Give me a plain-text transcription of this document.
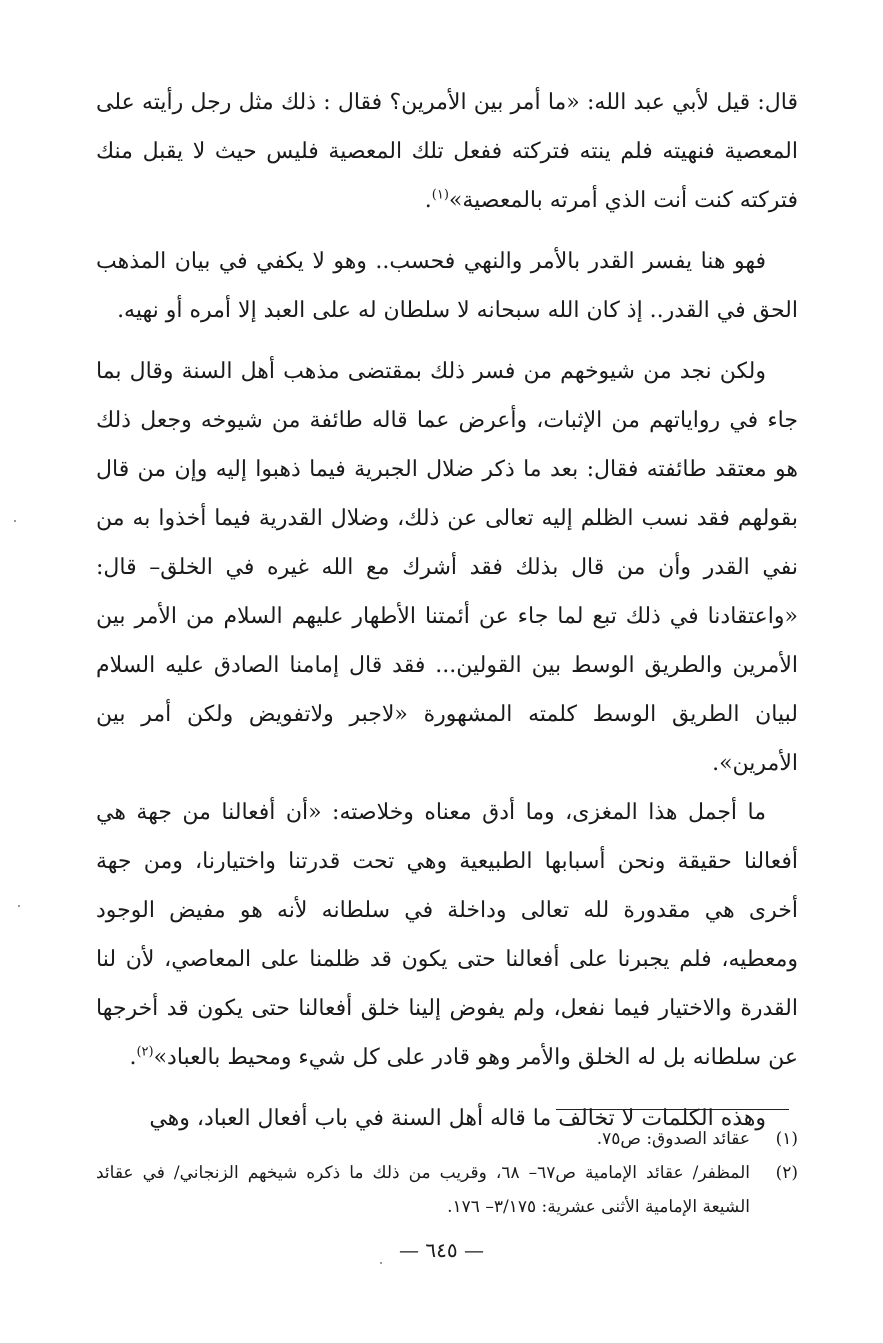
قال: قيل لأبي عبد الله: «ما أمر بين الأمرين؟ فقال : ذلك مثل رجل رأيته على المعصية فنهيته فلم ينته فتركته ففعل تلك المعصية فليس حيث لا يقبل منك فتركته كنت أنت الذي أمرته بالمعصية»$^{(١)}$.

فهو هنا يفسر القدر بالأمر والنهي فحسب.. وهو لا يكفي في بيان المذهب الحق في القدر.. إذ كان الله سبحانه لا سلطان له على العبد إلا أمره أو نهيه.

ولكن نجد من شيوخهم من فسر ذلك بمقتضى مذهب أهل السنة وقال بما جاء في رواياتهم من الإثبات، وأعرض عما قاله طائفة من شيوخه وجعل ذلك هو معتقد طائفته فقال: بعد ما ذكر ضلال الجبرية فيما ذهبوا إليه وإن من قال بقولهم فقد نسب الظلم إليه تعالى عن ذلك، وضلال القدرية فيما أخذوا به من نفي القدر وأن من قال بذلك فقد أشرك مع الله غيره في الخلق– قال: «واعتقادنا في ذلك تبع لما جاء عن أئمتنا الأطهار عليهم السلام من الأمر بين الأمرين والطريق الوسط بين القولين... فقد قال إمامنا الصادق عليه السلام لبيان الطريق الوسط كلمته المشهورة «لاجبر ولاتفويض ولكن أمر بين الأمرين».

ما أجمل هذا المغزى، وما أدق معناه وخلاصته: «أن أفعالنا من جهة هي أفعالنا حقيقة ونحن أسبابها الطبيعية وهي تحت قدرتنا واختيارنا، ومن جهة أخرى هي مقدورة لله تعالى وداخلة في سلطانه لأنه هو مفيض الوجود ومعطيه، فلم يجبرنا على أفعالنا حتى يكون قد ظلمنا على المعاصي، لأن لنا القدرة والاختيار فيما نفعل، ولم يفوض إلينا خلق أفعالنا حتى يكون قد أخرجها عن سلطانه بل له الخلق والأمر وهو قادر على كل شيء ومحيط بالعباد»$^{(٢)}$.

وهذه الكلمات لا تخالف ما قاله أهل السنة في باب أفعال العباد، وهي

(١)
عقائد الصدوق: ص٧٥.
(٢)
المظفر/ عقائد الإمامية ص٦٧– ٦٨، وقريب من ذلك ما ذكره شيخهم الزنجاني/ في عقائد الشيعة الإمامية الأثنى عشرية: ٣/١٧٥– ١٧٦.
— ٦٤٥ —
